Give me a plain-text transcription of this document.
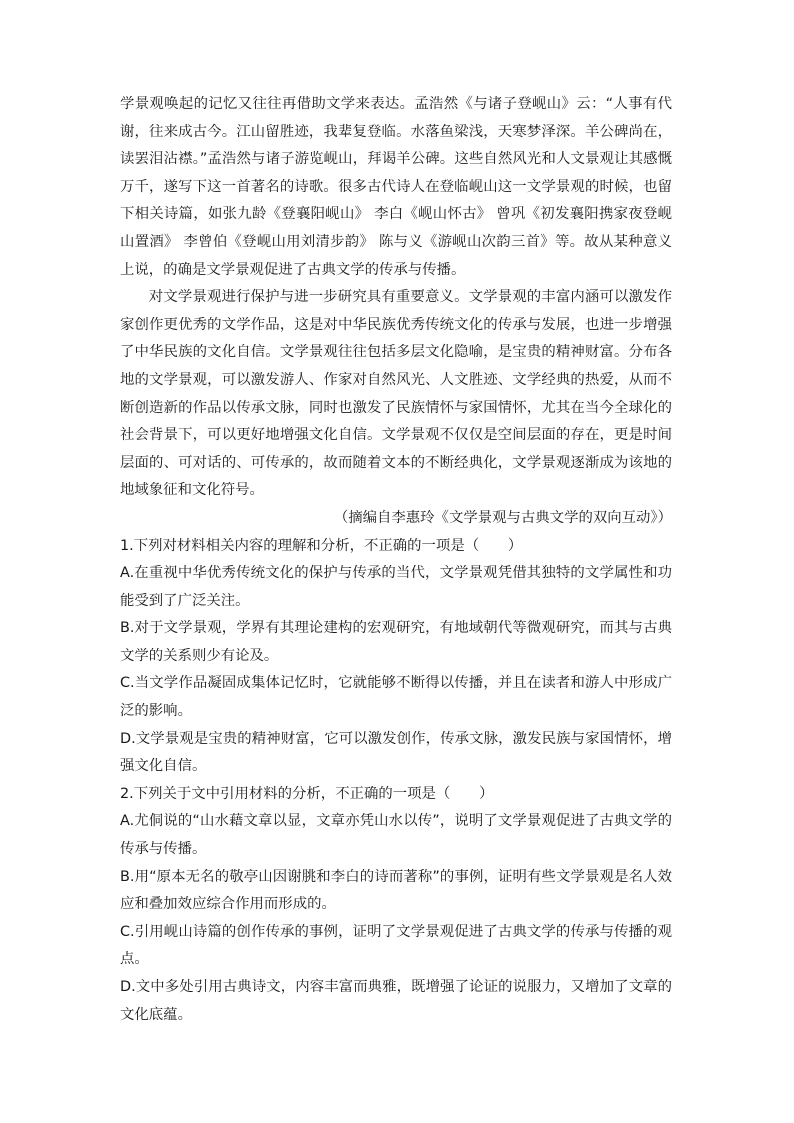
学景观唤起的记忆又往往再借助文学来表达。孟浩然《与诸子登岘山》云：“人事有代谢，往来成古今。江山留胜迹，我辈复登临。水落鱼梁浅，天寒梦泽深。羊公碑尚在，读罢泪沾襟。”孟浩然与诸子游览岘山，拜谒羊公碑。这些自然风光和人文景观让其感慨万千，遂写下这一首著名的诗歌。很多古代诗人在登临岘山这一文学景观的时候，也留下相关诗篇，如张九龄《登襄阳岘山》 李白《岘山怀古》 曾巩《初发襄阳携家夜登岘山置酒》 李曾伯《登岘山用刘清步韵》 陈与义《游岘山次韵三首》等。故从某种意义上说，的确是文学景观促进了古典文学的传承与传播。

对文学景观进行保护与进一步研究具有重要意义。文学景观的丰富内涵可以激发作家创作更优秀的文学作品，这是对中华民族优秀传统文化的传承与发展，也进一步增强了中华民族的文化自信。文学景观往往包括多层文化隐喻，是宝贵的精神财富。分布各地的文学景观，可以激发游人、作家对自然风光、人文胜迹、文学经典的热爱，从而不断创造新的作品以传承文脉，同时也激发了民族情怀与家国情怀，尤其在当今全球化的社会背景下，可以更好地增强文化自信。文学景观不仅仅是空间层面的存在，更是时间层面的、可对话的、可传承的，故而随着文本的不断经典化，文学景观逐渐成为该地的地域象征和文化符号。

（摘编自李惠玲《文学景观与古典文学的双向互动》）

1.下列对材料相关内容的理解和分析，不正确的一项是（　　）

A.在重视中华优秀传统文化的保护与传承的当代，文学景观凭借其独特的文学属性和功能受到了广泛关注。

B.对于文学景观，学界有其理论建构的宏观研究，有地域朝代等微观研究，而其与古典文学的关系则少有论及。

C.当文学作品凝固成集体记忆时，它就能够不断得以传播，并且在读者和游人中形成广泛的影响。

D.文学景观是宝贵的精神财富，它可以激发创作，传承文脉，激发民族与家国情怀，增强文化自信。

2.下列关于文中引用材料的分析，不正确的一项是（　　）

A.尤侗说的“山水藉文章以显，文章亦凭山水以传”，说明了文学景观促进了古典文学的传承与传播。

B.用“原本无名的敬亭山因谢朓和李白的诗而著称”的事例，证明有些文学景观是名人效应和叠加效应综合作用而形成的。

C.引用岘山诗篇的创作传承的事例，证明了文学景观促进了古典文学的传承与传播的观点。

D.文中多处引用古典诗文，内容丰富而典雅，既增强了论证的说服力，又增加了文章的文化底蕴。
